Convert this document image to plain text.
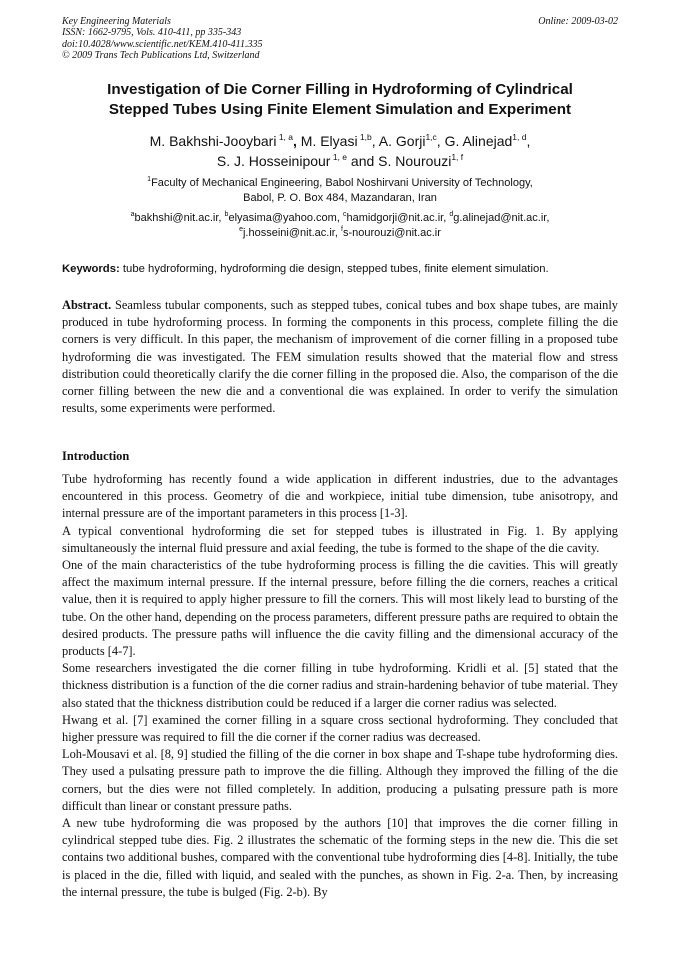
Key Engineering Materials
ISSN: 1662-9795, Vols. 410-411, pp 335-343
doi:10.4028/www.scientific.net/KEM.410-411.335
© 2009 Trans Tech Publications Ltd, Switzerland
Online: 2009-03-02
Investigation of Die Corner Filling in Hydroforming of Cylindrical
Stepped Tubes Using Finite Element Simulation and Experiment
M. Bakhshi-Jooybari $^{1, a}$, M. Elyasi $^{1,b}$, A. Gorji$^{1,c}$, G. Alinejad$^{1, d}$,
S. J. Hosseinipour $^{1, e}$ and S. Nourouzi$^{1, f}$
$^1$Faculty of Mechanical Engineering, Babol Noshirvani University of Technology,
Babol, P. O. Box 484, Mazandaran, Iran
$^a$bakhshi@nit.ac.ir, $^b$elyasima@yahoo.com, $^c$hamidgorji@nit.ac.ir, $^d$g.alinejad@nit.ac.ir,
$^e$j.hosseini@nit.ac.ir, $^f$s-nourouzi@nit.ac.ir
Keywords: tube hydroforming, hydroforming die design, stepped tubes, finite element simulation.
Abstract. Seamless tubular components, such as stepped tubes, conical tubes and box shape tubes, are mainly produced in tube hydroforming process. In forming the components in this process, complete filling the die corners is very difficult. In this paper, the mechanism of improvement of die corner filling in a proposed tube hydroforming die was investigated. The FEM simulation results showed that the material flow and stress distribution could theoretically clarify the die corner filling in the proposed die. Also, the comparison of the die corner filling between the new die and a conventional die was explained. In order to verify the simulation results, some experiments were performed.
Introduction

Tube hydroforming has recently found a wide application in different industries, due to the advantages encountered in this process. Geometry of die and workpiece, initial tube dimension, tube anisotropy, and internal pressure are of the important parameters in this process [1-3].

A typical conventional hydroforming die set for stepped tubes is illustrated in Fig. 1. By applying simultaneously the internal fluid pressure and axial feeding, the tube is formed to the shape of the die cavity.

One of the main characteristics of the tube hydroforming process is filling the die cavities. This will greatly affect the maximum internal pressure. If the internal pressure, before filling the die corners, reaches a critical value, then it is required to apply higher pressure to fill the corners. This will most likely lead to bursting of the tube. On the other hand, depending on the process parameters, different pressure paths are required to obtain the desired products. The pressure paths will influence the die cavity filling and the dimensional accuracy of the products [4-7].

Some researchers investigated the die corner filling in tube hydroforming. Kridli et al. [5] stated that the thickness distribution is a function of the die corner radius and strain-hardening behavior of tube material. They also stated that the thickness distribution could be reduced if a larger die corner radius was selected.

Hwang et al. [7] examined the corner filling in a square cross sectional hydroforming. They concluded that higher pressure was required to fill the die corner if the corner radius was decreased.

Loh-Mousavi et al. [8, 9] studied the filling of the die corner in box shape and T-shape tube hydroforming dies. They used a pulsating pressure path to improve the die filling. Although they improved the filling of the die corners, but the dies were not filled completely. In addition, producing a pulsating pressure path is more difficult than linear or constant pressure paths.

A new tube hydroforming die was proposed by the authors [10] that improves the die corner filling in cylindrical stepped tube dies. Fig. 2 illustrates the schematic of the forming steps in the new die. This die set contains two additional bushes, compared with the conventional tube hydroforming dies [4-8]. Initially, the tube is placed in the die, filled with liquid, and sealed with the punches, as shown in Fig. 2-a. Then, by increasing the internal pressure, the tube is bulged (Fig. 2-b). By
